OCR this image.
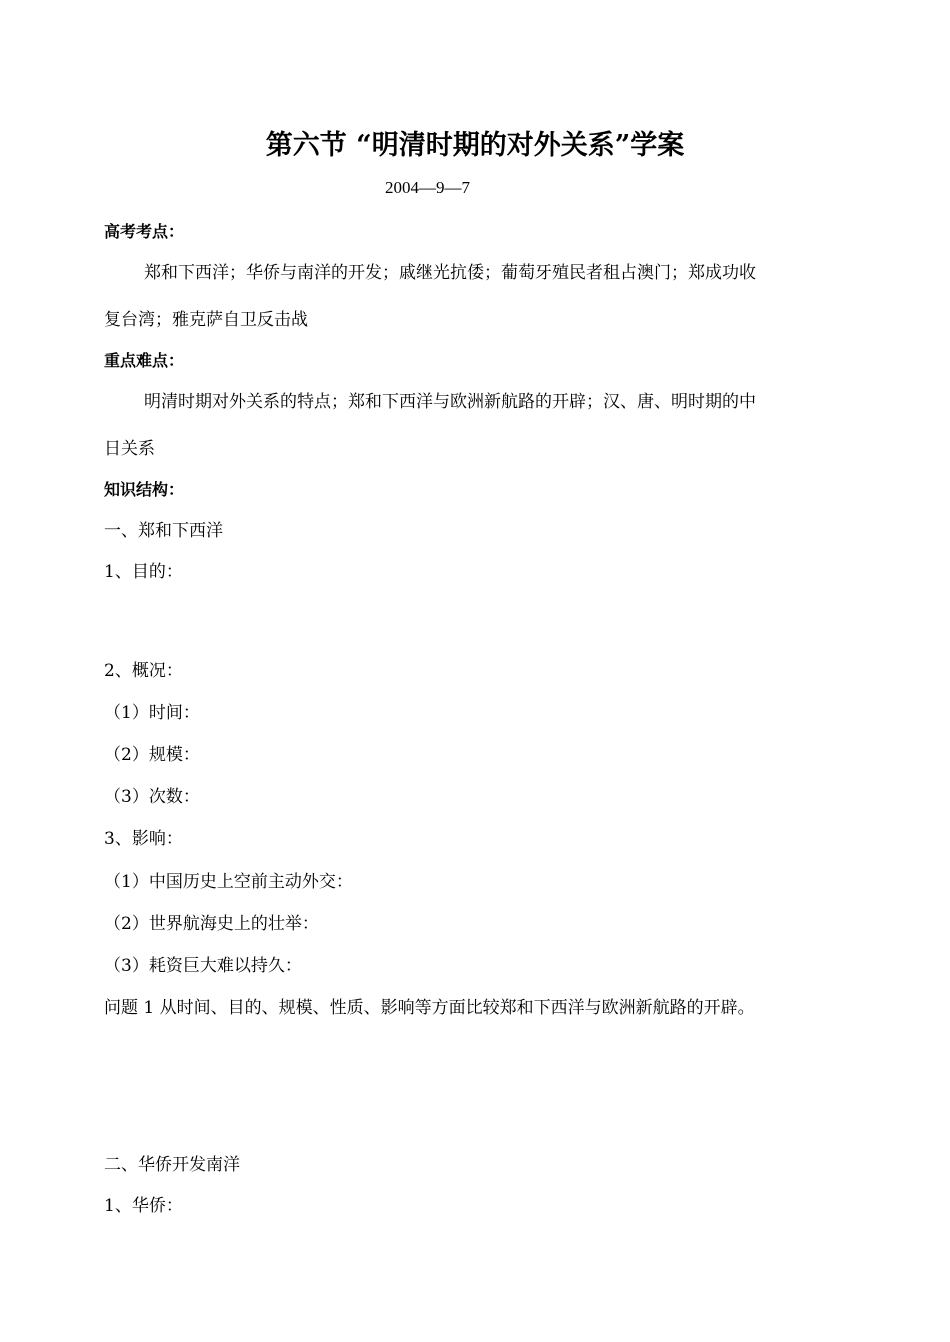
第六节 “明清时期的对外关系”学案
2004—9—7
高考考点：
郑和下西洋；华侨与南洋的开发；戚继光抗倭；葡萄牙殖民者租占澳门；郑成功收
复台湾；雅克萨自卫反击战
重点难点：
明清时期对外关系的特点；郑和下西洋与欧洲新航路的开辟；汉、唐、明时期的中
日关系
知识结构：
一、郑和下西洋
1、目的：
2、概况：
（1）时间：
（2）规模：
（3）次数：
3、影响：
（1）中国历史上空前主动外交：
（2）世界航海史上的壮举：
（3）耗资巨大难以持久：
问题 1 从时间、目的、规模、性质、影响等方面比较郑和下西洋与欧洲新航路的开辟。
二、华侨开发南洋
1、华侨：
